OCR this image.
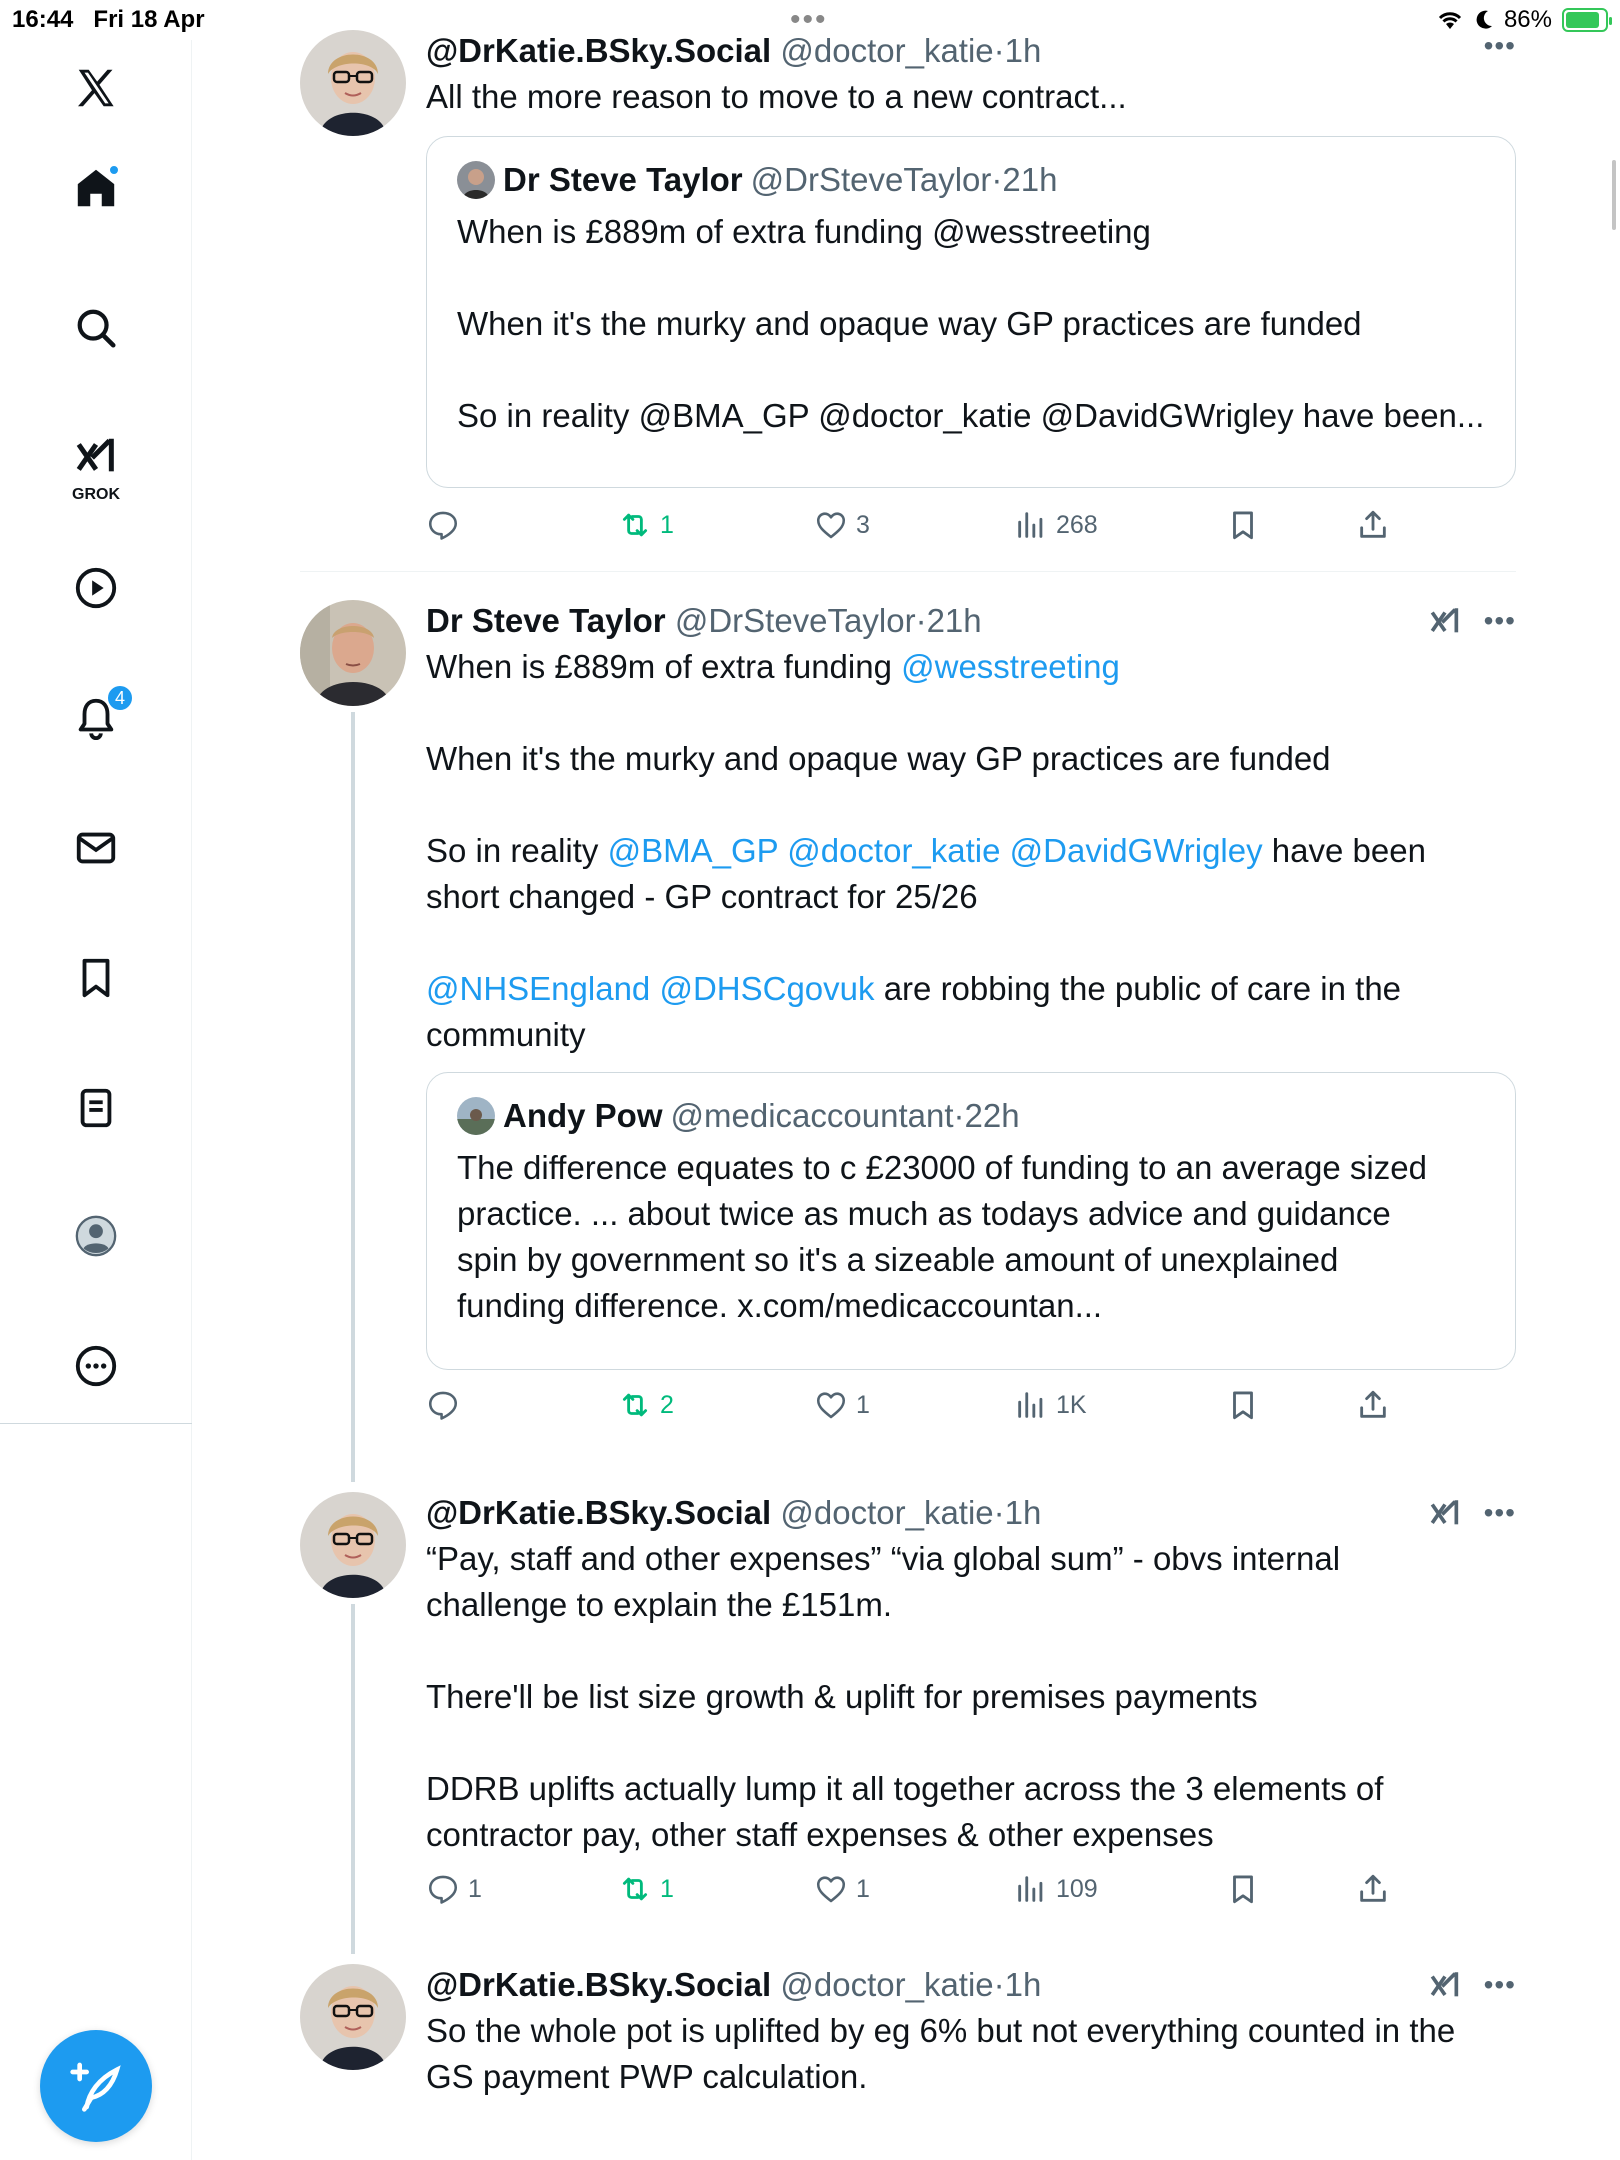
16:44 Fri 18 Apr	•••	86%
GROK
4
@DrKatie.BSky.Social @doctor_katie·1h	•••

All the more reason to move to a new contract...

Dr Steve Taylor @DrSteveTaylor·21h

When is £889m of extra funding @wesstreeting

When it's the murky and opaque way GP practices are funded

So in reality @BMA_GP @doctor_katie @DavidGWrigley have been...

1	3	268
Dr Steve Taylor @DrSteveTaylor·21h	•••

When is £889m of extra funding @wesstreeting

When it's the murky and opaque way GP practices are funded

So in reality @BMA_GP @doctor_katie @DavidGWrigley have been

short changed - GP contract for 25/26

@NHSEngland @DHSCgovuk are robbing the public of care in the

community

Andy Pow @medicaccountant·22h

The difference equates to c £23000 of funding to an average sized

practice. ... about twice as much as todays advice and guidance

spin by government so it's a sizeable amount of unexplained

funding difference. x.com/medicaccountan...

2	1	1K
@DrKatie.BSky.Social @doctor_katie·1h	•••

“Pay, staff and other expenses” “via global sum” - obvs internal

challenge to explain the £151m.

There'll be list size growth & uplift for premises payments

DDRB uplifts actually lump it all together across the 3 elements of

contractor pay, other staff expenses & other expenses

1	1	1	109
@DrKatie.BSky.Social @doctor_katie·1h	•••

So the whole pot is uplifted by eg 6% but not everything counted in the

GS payment PWP calculation.
